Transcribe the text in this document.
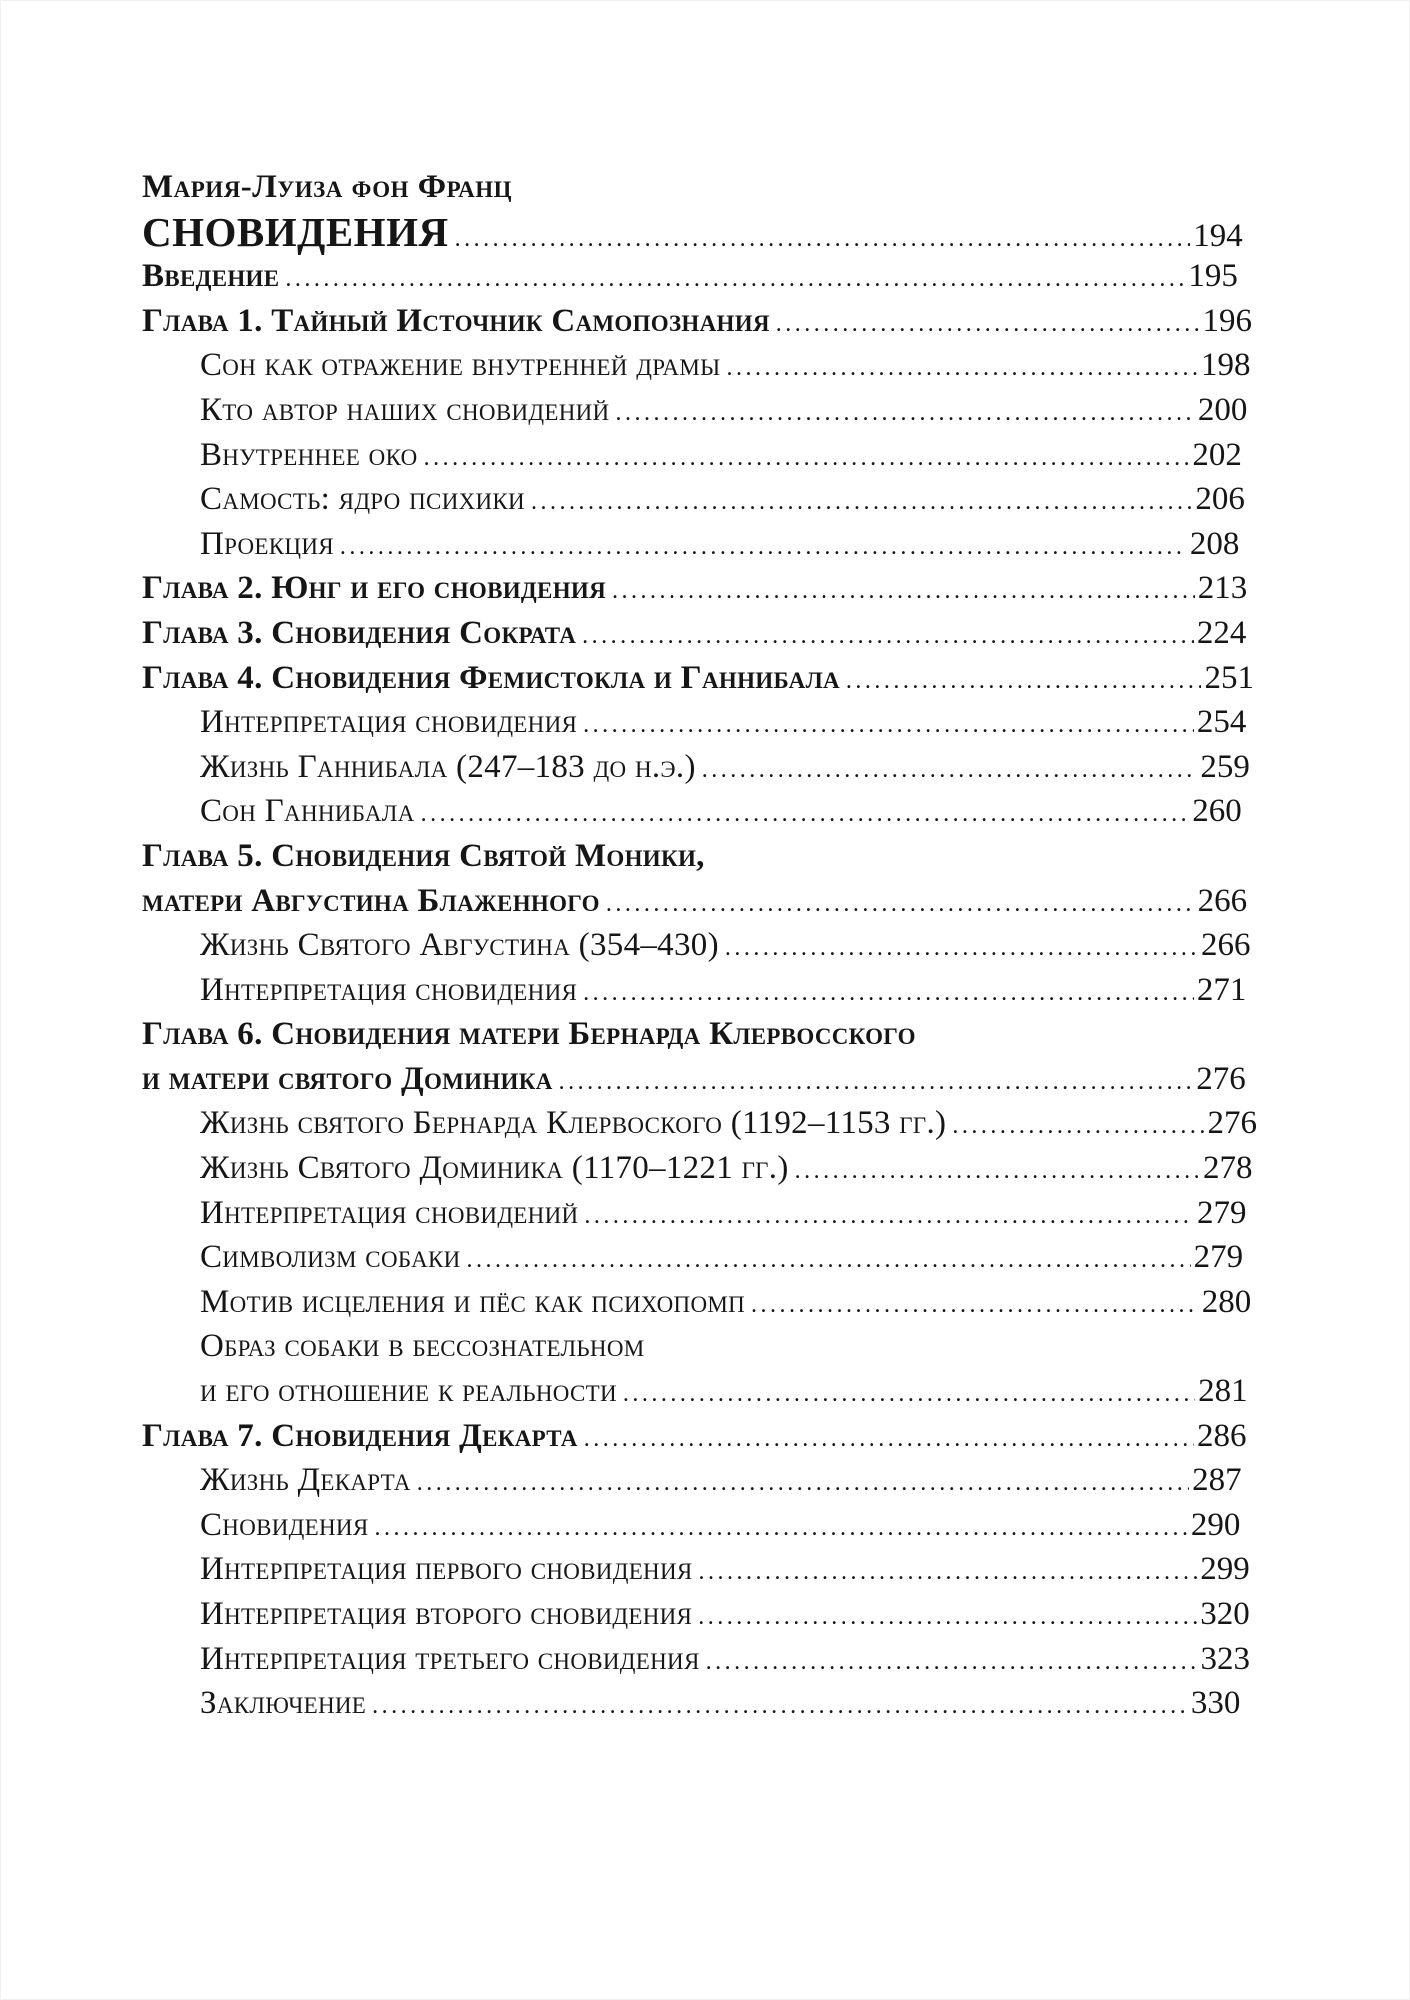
Мария-Луиза фон Франц
СНОВИДЕНИЯ .....	194
Введение .....	195
Глава 1. Тайный Источник Самопознания .....	196
Сон как отражение внутренней драмы .....	198
Кто автор наших сновидений .....	200
Внутреннее око .....	202
Самость: ядро психики .....	206
Проекция .....	208
Глава 2. Юнг и его сновидения .....	213
Глава 3. Сновидения Сократа .....	224
Глава 4. Сновидения Фемистокла и Ганнибала .....	251
Интерпретация сновидения .....	254
Жизнь Ганнибала (247–183 до н.э.) .....	259
Сон Ганнибала .....	260
Глава 5. Сновидения Святой Моники,
матери Августина Блаженного .....	266
Жизнь Святого Августина (354–430) .....	266
Интерпретация сновидения .....	271
Глава 6. Сновидения матери Бернарда Клервосского
и матери святого Доминика .....	276
Жизнь святого Бернарда Клервоского (1192–1153 гг.) .....	276
Жизнь Святого Доминика (1170–1221 гг.) .....	278
Интерпретация сновидений .....	279
Символизм собаки .....	279
Мотив исцеления и пёс как психопомп .....	280
Образ собаки в бессознательном
и его отношение к реальности .....	281
Глава 7. Сновидения Декарта .....	286
Жизнь Декарта .....	287
Сновидения .....	290
Интерпретация первого сновидения .....	299
Интерпретация второго сновидения .....	320
Интерпретация третьего сновидения .....	323
Заключение .....	330
